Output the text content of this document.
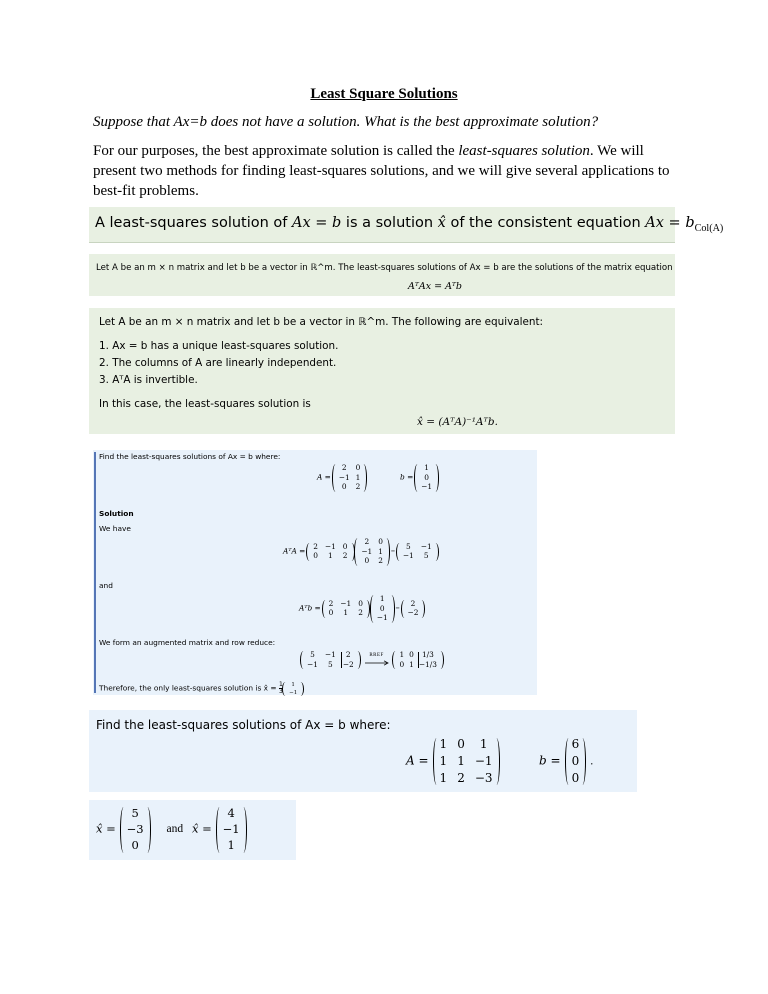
Least Square Solutions
Suppose that Ax=b does not have a solution. What is the best approximate solution?
For our purposes, the best approximate solution is called the least-squares solution. We will present two methods for finding least-squares solutions, and we will give several applications to best-fit problems.
A least-squares solution of Ax = b is a solution x̂ of the consistent equation $Ax = b_{Col(A)}$
Let A be an m × n matrix and let b be a vector in ℝ^m. The least-squares solutions of Ax = b are the solutions of the matrix equation
AᵀAx = Aᵀb
Let A be an m × n matrix and let b be a vector in ℝ^m. The following are equivalent:
1. Ax = b has a unique least-squares solution.
2. The columns of A are linearly independent.
3. AᵀA is invertible.
In this case, the least-squares solution is
x̂ = (AᵀA)⁻¹Aᵀb.
Find the least-squares solutions of Ax = b where:
A =
2 0
−1 1
0 2
b =
1
0
−1
Solution
We have
AᵀA =
2 −1 0
0 1 2

2 0
−1 1
0 2
=
5 −1
−1 5
and
Aᵀb =
2 −1 0
0 1 2

1
0
−1
=
2
−2
We form an augmented matrix and row reduce:
5 −1 2
−1 5 −2

RREF
	1 0 1/3
0 1 −1/3
Therefore, the only least-squares solution is x̂ = $\frac{1}{3}$
1
−1
Find the least-squares solutions of Ax = b where:
A =
1 0 1
1 1 −1
1 2 −3
b =
6
0
0
.
x̂ =
5
−3
0
and x̂ =
4
−1
1
